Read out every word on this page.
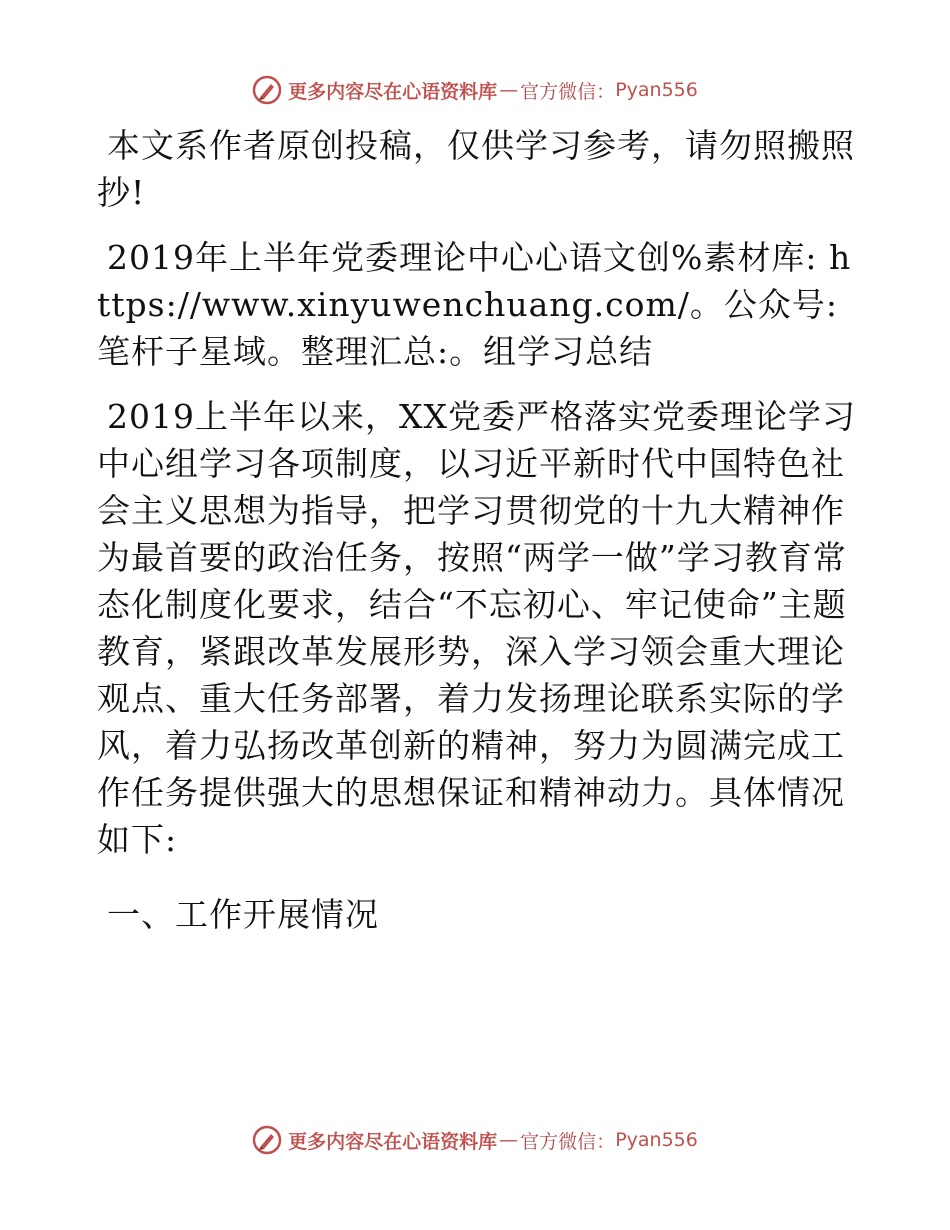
更多内容尽在心语资料库 — 官方微信： Pyan556

本文系作者原创投稿，仅供学习参考，请勿照搬照抄!

2019年上半年党委理论中心心语文创%素材库: https://www.xinyuwenchuang.com/。公众号: 笔杆子星域。整理汇总:。组学习总结

2019上半年以来，XX党委严格落实党委理论学习中心组学习各项制度，以习近平新时代中国特色社会主义思想为指导，把学习贯彻党的十九大精神作为最首要的政治任务，按照“两学一做”学习教育常态化制度化要求，结合“不忘初心、牢记使命”主题教育，紧跟改革发展形势，深入学习领会重大理论观点、重大任务部署，着力发扬理论联系实际的学风，着力弘扬改革创新的精神，努力为圆满完成工作任务提供强大的思想保证和精神动力。具体情况如下:

一、工作开展情况
更多内容尽在心语资料库 — 官方微信： Pyan556
